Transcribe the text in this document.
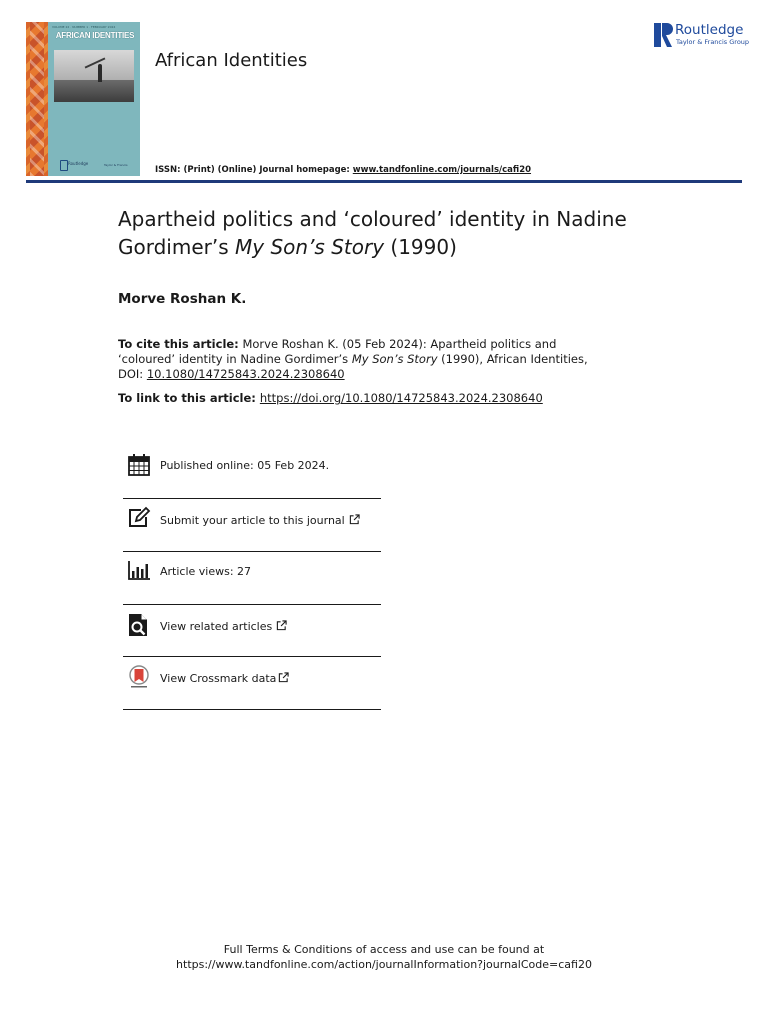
VOLUME 22 · NUMBER 1 · FEBRUARY 2024
AFRICAN IDENTITIES
Routledge	Taylor & Francis
African Identities
ISSN: (Print) (Online) Journal homepage: www.tandfonline.com/journals/cafi20
Routledge
Taylor & Francis Group
Apartheid politics and ‘coloured’ identity in Nadine Gordimer’s My Son’s Story (1990)
Morve Roshan K.
To cite this article: Morve Roshan K. (05 Feb 2024): Apartheid politics and ‘coloured’ identity in Nadine Gordimer’s My Son’s Story (1990), African Identities, DOI: 10.1080/14725843.2024.2308640
To link to this article: https://doi.org/10.1080/14725843.2024.2308640
Published online: 05 Feb 2024.
Submit your article to this journal
Article views: 27
View related articles
View Crossmark data
Full Terms & Conditions of access and use can be found at
https://www.tandfonline.com/action/journalInformation?journalCode=cafi20
